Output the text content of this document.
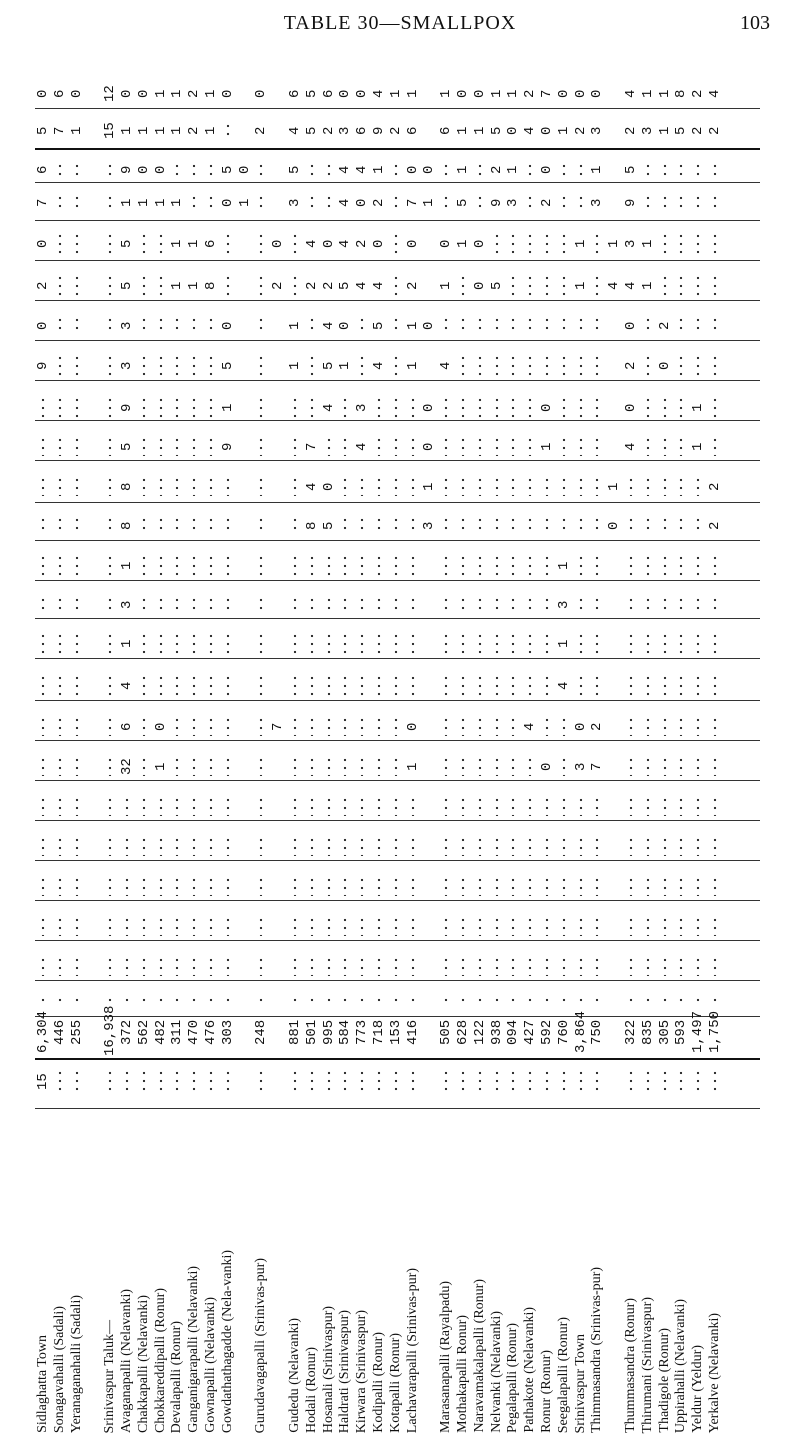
TABLE 30—SMALLPOX	103
0
5
6
7
0
2
0
9
6,304
15
6
7
446
0
1
255
12
15
16,938
0
1
9
1
5
5
3
3
9
5
8
8
1
3
1
4
6
32
372
0
1
0
1
562
1
1
0
1
0
1
482
1
1
1
1
1
311
2
2
1
1
470
1
1
6
8
476
0
5
0
0
5
1
9
303
0
1
0
2
248
0
2
7
6
4
5
3
1
1
881
5
5
4
2
7
4
8
501
6
2
0
2
4
5
4
0
5
995
0
3
4
4
4
5
0
1
584
0
6
4
0
2
4
3
4
773
4
9
1
2
0
4
5
4
718
1
2
153
1
6
0
7
0
2
1
1
0
1
416
0
1
0
0
0
1
3
1
6
0
1
4
505
0
1
1
5
1
628
0
1
0
0
122
1
5
2
9
5
938
1
0
1
3
094
2
4
4
427
7
0
0
2
0
1
0
592
0
1
1
3
1
4
760
0
2
1
1
0
3
3,864
0
3
1
3
2
7
750
1
4
1
0
4
2
5
9
3
4
0
2
0
4
322
1
3
1
1
835
1
1
2
0
305
8
5
593
2
2
1
1
1,497
4
2
2
2
1,750
Sidlaghatta Town Sonagavahalli (Sadali) Yeranaganahalli (Sadali) Srinivaspur Taluk— Avaganapalli (Nelavanki) Chakkapalli (Nelavanki) Chokkareddipalli (Ronur) Devalapalli (Ronur) Ganganigarapalli (Nelavanki) Gownapalli (Nelavanki) Gowdathathagadde (Nela-vanki) Gurudavagapalli (Srinivas-pur) Gudedu (Nelavanki) Hodali (Ronur) Hosanali (Srinivaspur) Haldrati (Srinivaspur) Kirwara (Srinivaspur) Kodipalli (Ronur) Kotapalli (Ronur) Lachavarapalli (Srinivas-pur) Marasanapalli (Rayalpadu) Mothakapalli Ronur) Naravamakalapalli (Ronur) Nelvanki (Nelavanki) Pegalapalli (Ronur) Pathakote (Nelavanki) Ronur (Ronur) Seegalapalli (Ronur) Srinivaspur Town Thimmasandra (Srinivas-pur) Thummasandra (Ronur) Thirumani (Srinivaspur) Thadigole (Ronur) Uppirahalli (Nelavanki) Yeldur (Yeldur) Yerkalve (Nelavanki)
